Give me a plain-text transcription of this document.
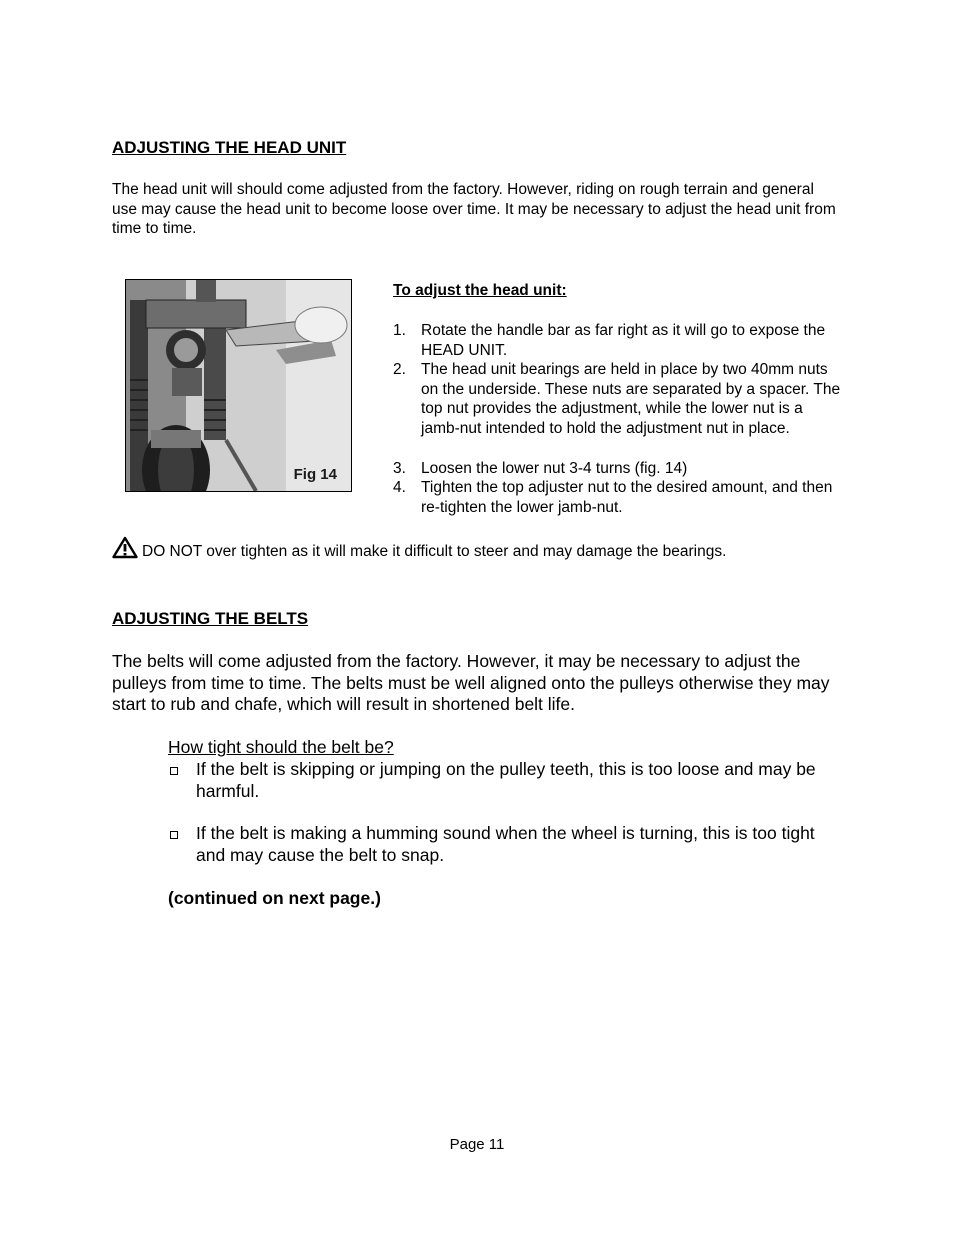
ADJUSTING THE HEAD UNIT
The head unit will should come adjusted from the factory. However, riding on rough terrain and general use may cause the head unit to become loose over time. It may be necessary to adjust the head unit from time to time.
Fig 14
To adjust the head unit:
1. Rotate the handle bar as far right as it will go to expose the HEAD UNIT.
2. The head unit bearings are held in place by two 40mm nuts on the underside. These nuts are separated by a spacer. The top nut provides the adjustment, while the lower nut is a jamb-nut intended to hold the adjustment nut in place.
3. Loosen the lower nut 3-4 turns (fig. 14)
4. Tighten the top adjuster nut to the desired amount, and then re-tighten the lower jamb-nut.
DO NOT over tighten as it will make it difficult to steer and may damage the bearings.
ADJUSTING THE BELTS
The belts will come adjusted from the factory. However, it may be necessary to adjust the pulleys from time to time. The belts must be well aligned onto the pulleys otherwise they may start to rub and chafe, which will result in shortened belt life.
How tight should the belt be?
If the belt is skipping or jumping on the pulley teeth, this is too loose and may be harmful.
If the belt is making a humming sound when the wheel is turning, this is too tight and may cause the belt to snap.
(continued on next page.)
Page 11
